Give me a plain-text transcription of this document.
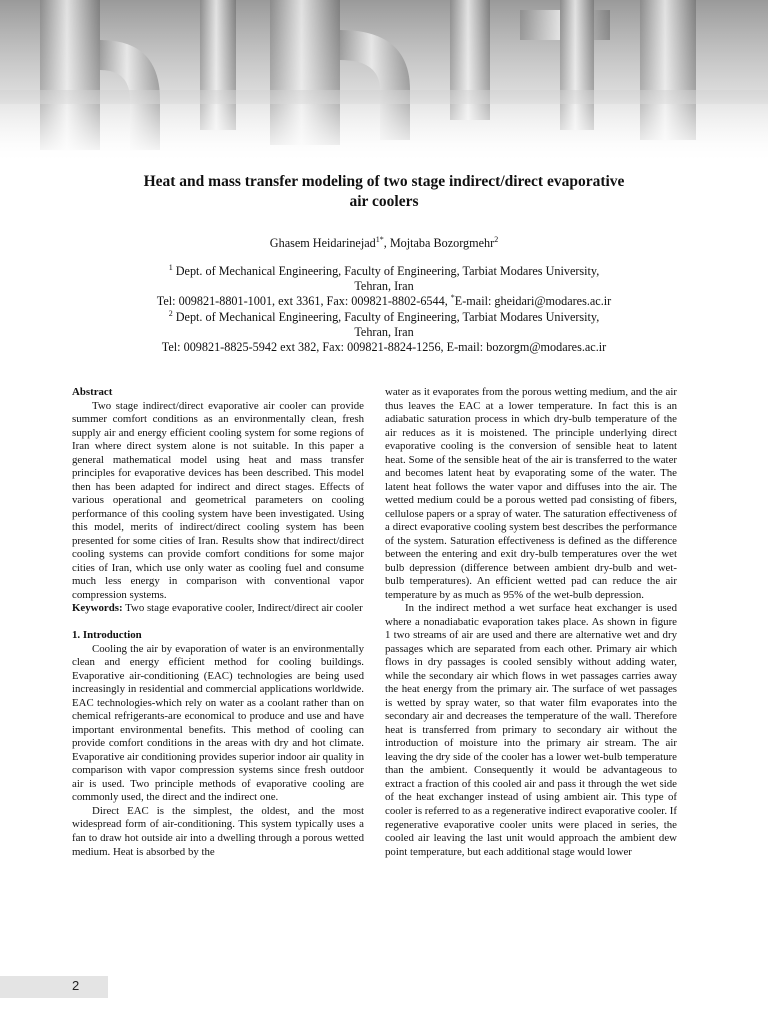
Heat and mass transfer modeling of two stage indirect/direct evaporative
air coolers
Ghasem Heidarinejad$^{1*}$, Mojtaba Bozorgmehr$^2$

$^1$ Dept. of Mechanical Engineering, Faculty of Engineering, Tarbiat Modares University,

Tehran, Iran

Tel: 009821-8801-1001, ext 3361, Fax: 009821-8802-6544, *E-mail: gheidari@modares.ac.ir

$^2$ Dept. of Mechanical Engineering, Faculty of Engineering, Tarbiat Modares University,

Tehran, Iran

Tel: 009821-8825-5942 ext 382, Fax: 009821-8824-1256, E-mail: bozorgm@modares.ac.ir

Abstract

Two stage indirect/direct evaporative air cooler can provide summer comfort conditions as an environmentally clean, fresh supply air and energy efficient cooling system for some regions of Iran where direct system alone is not suitable. In this paper a general mathematical model using heat and mass transfer principles for evaporative devices has been described. This model then has been adapted for indirect and direct stages. Effects of various operational and geometrical parameters on cooling performance of this cooling system have been investigated. Using this model, merits of indirect/direct cooling system has been presented for some cities of Iran. Results show that indirect/direct cooling systems can provide comfort conditions for some major cities of Iran, which use only water as cooling fuel and consume much less energy in comparison with conventional vapor compression systems.

Keywords: Two stage evaporative cooler, Indirect/direct air cooler

1. Introduction

Cooling the air by evaporation of water is an environmentally clean and energy efficient method for cooling buildings. Evaporative air-conditioning (EAC) technologies are being used increasingly in residential and commercial applications worldwide. EAC technologies-which rely on water as a coolant rather than on chemical refrigerants-are economical to produce and use and have important environmental benefits. This method of cooling can provide comfort conditions in the areas with dry and hot climate. Evaporative air conditioning provides superior indoor air quality in comparison with vapor compression systems since fresh outdoor air is used. Two principle methods of evaporative cooling are commonly used, the direct and the indirect one.

Direct EAC is the simplest, the oldest, and the most widespread form of air-conditioning. This system typically uses a fan to draw hot outside air into a dwelling through a porous wetted medium. Heat is absorbed by the

water as it evaporates from the porous wetting medium, and the air thus leaves the EAC at a lower temperature. In fact this is an adiabatic saturation process in which dry-bulb temperature of the air reduces as it is moistened. The principle underlying direct evaporative cooling is the conversion of sensible heat to latent heat. Some of the sensible heat of the air is transferred to the water and becomes latent heat by evaporating some of the water. The latent heat follows the water vapor and diffuses into the air. The wetted medium could be a porous wetted pad consisting of fibers, cellulose papers or a spray of water. The saturation effectiveness of a direct evaporative cooling system best describes the performance of the system. Saturation effectiveness is defined as the difference between the entering and exit dry-bulb temperatures over the wet bulb depression (difference between ambient dry-bulb and wet-bulb temperatures). An efficient wetted pad can reduce the air temperature by as much as 95% of the wet-bulb depression.

In the indirect method a wet surface heat exchanger is used where a nonadiabatic evaporation takes place. As shown in figure 1 two streams of air are used and there are alternative wet and dry passages which are separated from each other. Primary air which flows in dry passages is cooled sensibly without adding water, while the secondary air which flows in wet passages carries away the heat energy from the primary air. The surface of wet passages is wetted by spray water, so that water film evaporates into the secondary air and decreases the temperature of the wall. Therefore heat is transferred from primary to secondary air without the introduction of moisture into the primary air stream. The air leaving the dry side of the cooler has a lower wet-bulb temperature than the ambient. Consequently it would be advantageous to extract a fraction of this cooled air and pass it through the wet side of the heat exchanger instead of using ambient air. This type of cooler is referred to as a regenerative indirect evaporative cooler. If regenerative evaporative cooler units were placed in series, the cooled air leaving the last unit would approach the ambient dew point temperature, but each additional stage would lower

2
